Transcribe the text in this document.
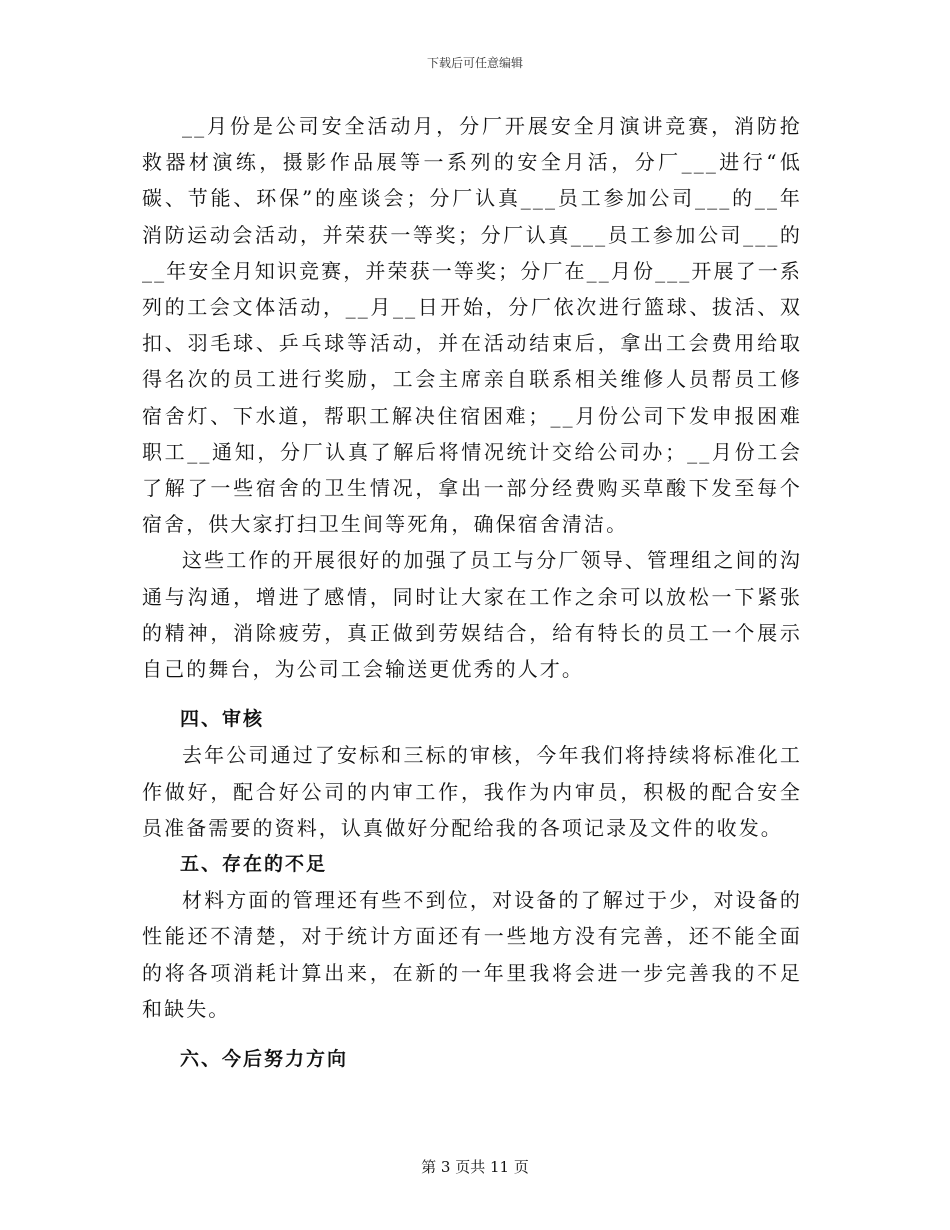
下载后可任意编辑

__月份是公司安全活动月，分厂开展安全月演讲竞赛，消防抢救器材演练，摄影作品展等一系列的安全月活，分厂___进行“低碳、节能、环保”的座谈会；分厂认真___员工参加公司___的__年消防运动会活动，并荣获一等奖；分厂认真___员工参加公司___的__年安全月知识竞赛，并荣获一等奖；分厂在__月份___开展了一系列的工会文体活动，__月__日开始，分厂依次进行篮球、拔活、双扣、羽毛球、乒乓球等活动，并在活动结束后，拿出工会费用给取得名次的员工进行奖励，工会主席亲自联系相关维修人员帮员工修宿舍灯、下水道，帮职工解决住宿困难；__月份公司下发申报困难职工__通知，分厂认真了解后将情况统计交给公司办；__月份工会了解了一些宿舍的卫生情况，拿出一部分经费购买草酸下发至每个宿舍，供大家打扫卫生间等死角，确保宿舍清洁。

这些工作的开展很好的加强了员工与分厂领导、管理组之间的沟通与沟通，增进了感情，同时让大家在工作之余可以放松一下紧张的精神，消除疲劳，真正做到劳娱结合，给有特长的员工一个展示自己的舞台，为公司工会输送更优秀的人才。

四、审核

去年公司通过了安标和三标的审核，今年我们将持续将标准化工作做好，配合好公司的内审工作，我作为内审员，积极的配合安全员准备需要的资料，认真做好分配给我的各项记录及文件的收发。

五、存在的不足

材料方面的管理还有些不到位，对设备的了解过于少，对设备的性能还不清楚，对于统计方面还有一些地方没有完善，还不能全面的将各项消耗计算出来，在新的一年里我将会进一步完善我的不足和缺失。

六、今后努力方向

第 3 页共 11 页
